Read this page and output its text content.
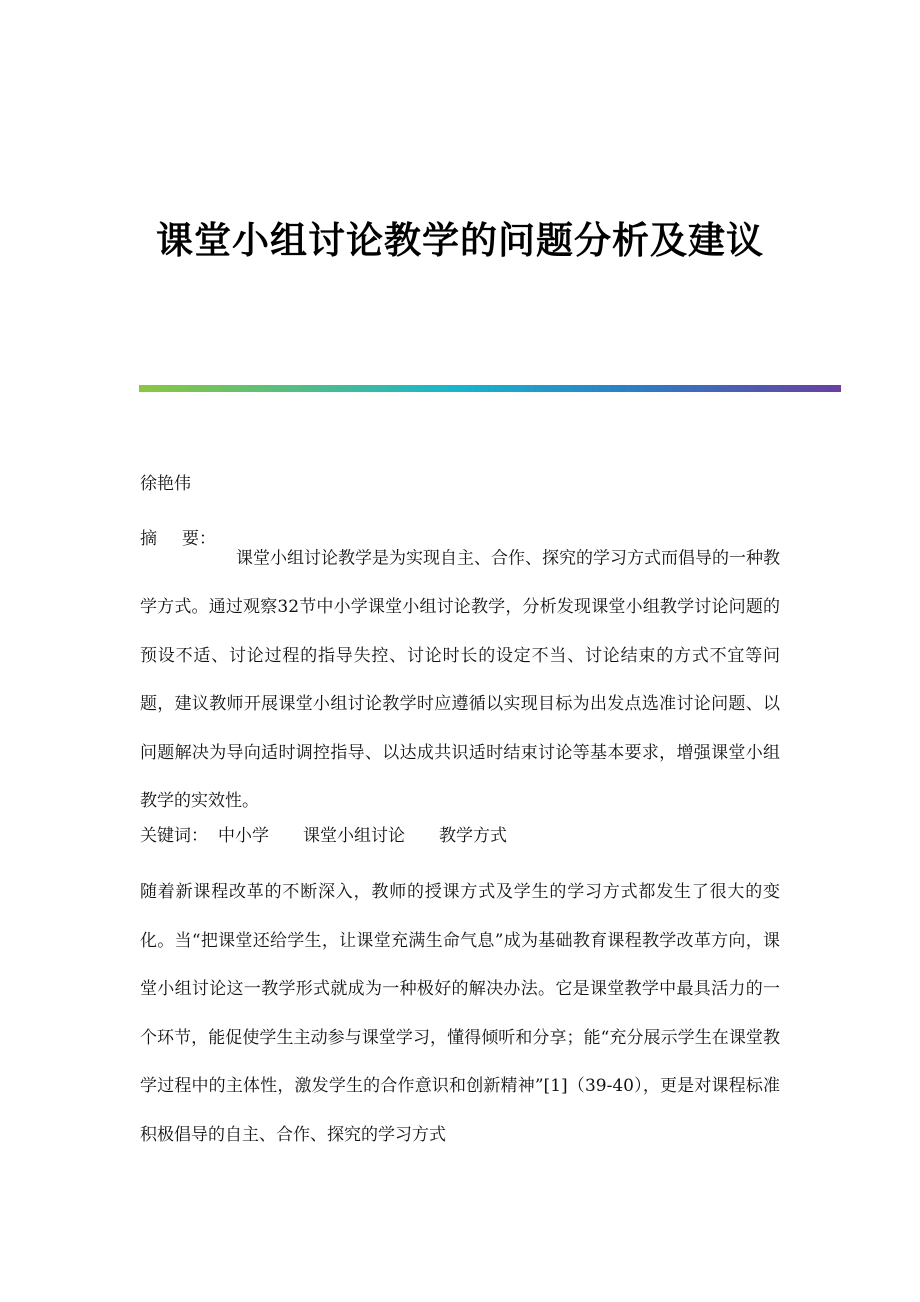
课堂小组讨论教学的问题分析及建议

徐艳伟

摘 要：
课堂小组讨论教学是为实现自主、合作、探究的学习方式而倡导的一种教学方式。通过观察32节中小学课堂小组讨论教学，分析发现课堂小组教学讨论问题的预设不适、讨论过程的指导失控、讨论时长的设定不当、讨论结束的方式不宜等问题，建议教师开展课堂小组讨论教学时应遵循以实现目标为出发点选准讨论问题、以问题解决为导向适时调控指导、以达成共识适时结束讨论等基本要求，增强课堂小组教学的实效性。

关键词： 中小学 课堂小组讨论 教学方式

随着新课程改革的不断深入，教师的授课方式及学生的学习方式都发生了很大的变化。当“把课堂还给学生，让课堂充满生命气息”成为基础教育课程教学改革方向，课堂小组讨论这一教学形式就成为一种极好的解决办法。它是课堂教学中最具活力的一个环节，能促使学生主动参与课堂学习，懂得倾听和分享；能“充分展示学生在课堂教学过程中的主体性，激发学生的合作意识和创新精神”[1]（39-40），更是对课程标准积极倡导的自主、合作、探究的学习方式
